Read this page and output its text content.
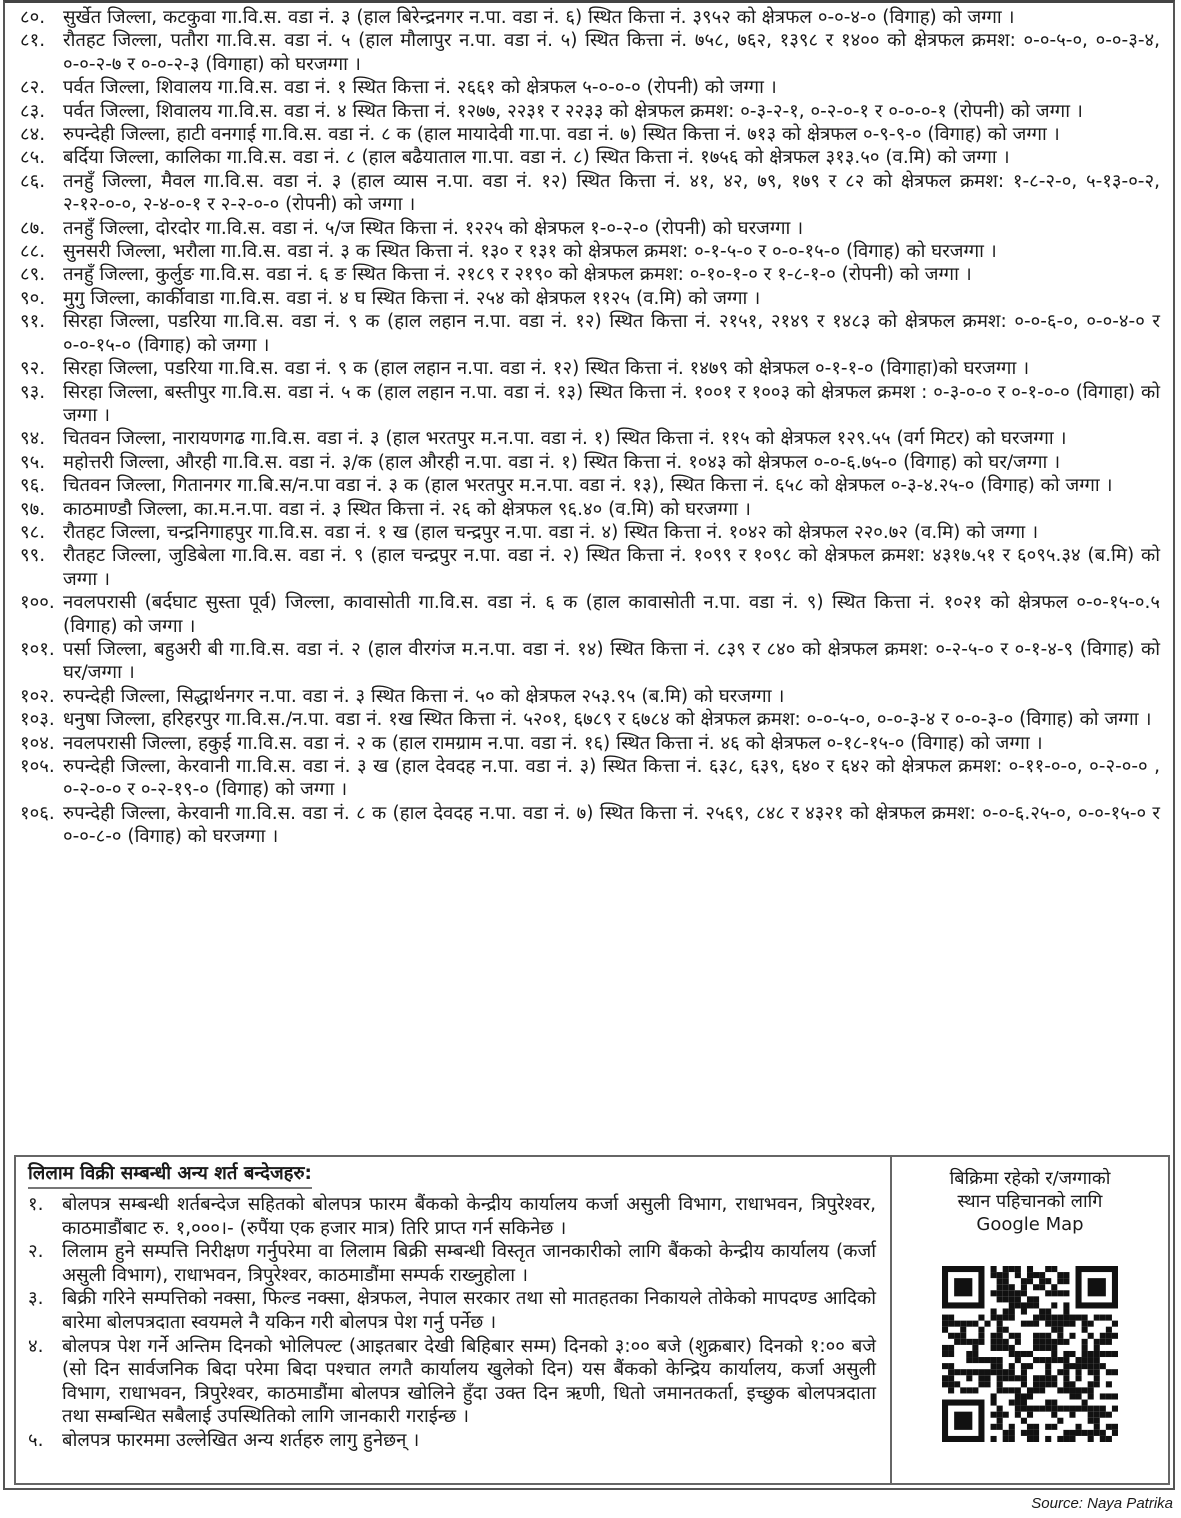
८०. सुर्खेत जिल्ला, कटकुवा गा.वि.स. वडा नं. ३ (हाल बिरेन्द्रनगर न.पा. वडा नं. ६) स्थित कित्ता नं. ३९५२ को क्षेत्रफल ०-०-४-० (विगाह) को जग्गा ।
८१. रौतहट जिल्ला, पतौरा गा.वि.स. वडा नं. ५ (हाल मौलापुर न.पा. वडा नं. ५) स्थित कित्ता नं. ७५८, ७६२, १३९८ र १४०० को क्षेत्रफल क्रमश: ०-०-५-०, ०-०-३-४, ०-०-२-७ र ०-०-२-३ (विगाहा) को घरजग्गा ।
८२. पर्वत जिल्ला, शिवालय गा.वि.स. वडा नं. १ स्थित कित्ता नं. २६६१ को क्षेत्रफल ५-०-०-० (रोपनी) को जग्गा ।
८३. पर्वत जिल्ला, शिवालय गा.वि.स. वडा नं. ४ स्थित कित्ता नं. १२७७, २२३१ र २२३३ को क्षेत्रफल क्रमश: ०-३-२-१, ०-२-०-१ र ०-०-०-१ (रोपनी) को जग्गा ।
८४. रुपन्देही जिल्ला, हाटी वनगाई गा.वि.स. वडा नं. ८ क (हाल मायादेवी गा.पा. वडा नं. ७) स्थित कित्ता नं. ७१३ को क्षेत्रफल ०-९-९-० (विगाह) को जग्गा ।
८५. बर्दिया जिल्ला, कालिका गा.वि.स. वडा नं. ८ (हाल बढैयाताल गा.पा. वडा नं. ८) स्थित कित्ता नं. १७५६ को क्षेत्रफल ३१३.५० (व.मि) को जग्गा ।
८६. तनहुँ जिल्ला, मैवल गा.वि.स. वडा नं. ३ (हाल व्यास न.पा. वडा नं. १२) स्थित कित्ता नं. ४१, ४२, ७९, १७९ र ८२ को क्षेत्रफल क्रमश: १-८-२-०, ५-१३-०-२, २-१२-०-०, २-४-०-१ र २-२-०-० (रोपनी) को जग्गा ।
८७. तनहुँ जिल्ला, दोरदोर गा.वि.स. वडा नं. ५/ज स्थित कित्ता नं. १२२५ को क्षेत्रफल १-०-२-० (रोपनी) को घरजग्गा ।
८८. सुनसरी जिल्ला, भरौला गा.वि.स. वडा नं. ३ क स्थित कित्ता नं. १३० र १३१ को क्षेत्रफल क्रमश: ०-१-५-० र ०-०-१५-० (विगाह) को घरजग्गा ।
८९. तनहुँ जिल्ला, कुर्लुङ गा.वि.स. वडा नं. ६ ङ स्थित कित्ता नं. २१८९ र २१९० को क्षेत्रफल क्रमश: ०-१०-१-० र १-८-१-० (रोपनी) को जग्गा ।
९०. मुगु जिल्ला, कार्कीवाडा गा.वि.स. वडा नं. ४ घ स्थित कित्ता नं. २५४ को क्षेत्रफल ११२५ (व.मि) को जग्गा ।
९१. सिरहा जिल्ला, पडरिया गा.वि.स. वडा नं. ९ क (हाल लहान न.पा. वडा नं. १२) स्थित कित्ता नं. २१५१, २१४९ र १४८३ को क्षेत्रफल क्रमश: ०-०-६-०, ०-०-४-० र ०-०-१५-० (विगाह) को जग्गा ।
९२. सिरहा जिल्ला, पडरिया गा.वि.स. वडा नं. ९ क (हाल लहान न.पा. वडा नं. १२) स्थित कित्ता नं. १४७९ को क्षेत्रफल ०-१-१-० (विगाहा)को घरजग्गा ।
९३. सिरहा जिल्ला, बस्तीपुर गा.वि.स. वडा नं. ५ क (हाल लहान न.पा. वडा नं. १३) स्थित कित्ता नं. १००१ र १००३ को क्षेत्रफल क्रमश : ०-३-०-० र ०-१-०-० (विगाहा) को जग्गा ।
९४. चितवन जिल्ला, नारायणगढ गा.वि.स. वडा नं. ३ (हाल भरतपुर म.न.पा. वडा नं. १) स्थित कित्ता नं. ११५ को क्षेत्रफल १२९.५५ (वर्ग मिटर) को घरजग्गा ।
९५. महोत्तरी जिल्ला, औरही गा.वि.स. वडा नं. ३/क (हाल औरही न.पा. वडा नं. १) स्थित कित्ता नं. १०४३ को क्षेत्रफल ०-०-६.७५-० (विगाह) को घर/जग्गा ।
९६. चितवन जिल्ला, गितानगर गा.बि.स/न.पा वडा नं. ३ क (हाल भरतपुर म.न.पा. वडा नं. १३), स्थित कित्ता नं. ६५८ को क्षेत्रफल ०-३-४.२५-० (विगाह) को जग्गा ।
९७. काठमाण्डौ जिल्ला, का.म.न.पा. वडा नं. ३ स्थित कित्ता नं. २६ को क्षेत्रफल ९६.४० (व.मि) को घरजग्गा ।
९८. रौतहट जिल्ला, चन्द्रनिगाहपुर गा.वि.स. वडा नं. १ ख (हाल चन्द्रपुर न.पा. वडा नं. ४) स्थित कित्ता नं. १०४२ को क्षेत्रफल २२०.७२ (व.मि) को जग्गा ।
९९. रौतहट जिल्ला, जुडिबेला गा.वि.स. वडा नं. ९ (हाल चन्द्रपुर न.पा. वडा नं. २) स्थित कित्ता नं. १०९९ र १०९८ को क्षेत्रफल क्रमश: ४३१७.५१ र ६०९५.३४ (ब.मि) को जग्गा ।
१००. नवलपरासी (बर्दघाट सुस्ता पूर्व) जिल्ला, कावासोती गा.वि.स. वडा नं. ६ क (हाल कावासोती न.पा. वडा नं. ९) स्थित कित्ता नं. १०२१ को क्षेत्रफल ०-०-१५-०.५ (विगाह) को जग्गा ।
१०१. पर्सा जिल्ला, बहुअरी बी गा.वि.स. वडा नं. २ (हाल वीरगंज म.न.पा. वडा नं. १४) स्थित कित्ता नं. ८३९ र ८४० को क्षेत्रफल क्रमश: ०-२-५-० र ०-१-४-९ (विगाह) को घर/जग्गा ।
१०२. रुपन्देही जिल्ला, सिद्धार्थनगर न.पा. वडा नं. ३ स्थित कित्ता नं. ५० को क्षेत्रफल २५३.९५ (ब.मि) को घरजग्गा ।
१०३. धनुषा जिल्ला, हरिहरपुर गा.वि.स./न.पा. वडा नं. १ख स्थित कित्ता नं. ५२०१, ६७८९ र ६७८४ को क्षेत्रफल क्रमश: ०-०-५-०, ०-०-३-४ र ०-०-३-० (विगाह) को जग्गा ।
१०४. नवलपरासी जिल्ला, हकुई गा.वि.स. वडा नं. २ क (हाल रामग्राम न.पा. वडा नं. १६) स्थित कित्ता नं. ४६ को क्षेत्रफल ०-१८-१५-० (विगाह) को जग्गा ।
१०५. रुपन्देही जिल्ला, केरवानी गा.वि.स. वडा नं. ३ ख (हाल देवदह न.पा. वडा नं. ३) स्थित कित्ता नं. ६३८, ६३९, ६४० र ६४२ को क्षेत्रफल क्रमश: ०-११-०-०, ०-२-०-० , ०-२-०-० र ०-२-१९-० (विगाह) को जग्गा ।
१०६. रुपन्देही जिल्ला, केरवानी गा.वि.स. वडा नं. ८ क (हाल देवदह न.पा. वडा नं. ७) स्थित कित्ता नं. २५६९, ८४८ र ४३२१ को क्षेत्रफल क्रमश: ०-०-६.२५-०, ०-०-१५-० र ०-०-८-० (विगाह) को घरजग्गा ।
लिलाम विक्री सम्बन्धी अन्य शर्त बन्देजहरु:
१. बोलपत्र सम्बन्धी शर्तबन्देज सहितको बोलपत्र फारम बैंकको केन्द्रीय कार्यालय कर्जा असुली विभाग, राधाभवन, त्रिपुरेश्वर, काठमाडौंबाट रु. १,०००।- (रुपैंया एक हजार मात्र) तिरि प्राप्त गर्न सकिनेछ ।
२. लिलाम हुने सम्पत्ति निरीक्षण गर्नुपरेमा वा लिलाम बिक्री सम्बन्धी विस्तृत जानकारीको लागि बैंकको केन्द्रीय कार्यालय (कर्जा असुली विभाग), राधाभवन, त्रिपुरेश्वर, काठमाडौंमा सम्पर्क राख्नुहोला ।
३. बिक्री गरिने सम्पत्तिको नक्सा, फिल्ड नक्सा, क्षेत्रफल, नेपाल सरकार तथा सो मातहतका निकायले तोकेको मापदण्ड आदिको बारेमा बोलपत्रदाता स्वयमले नै यकिन गरी बोलपत्र पेश गर्नु पर्नेछ ।
४. बोलपत्र पेश गर्ने अन्तिम दिनको भोलिपल्ट (आइतबार देखी बिहिबार सम्म) दिनको ३:०० बजे (शुक्रबार) दिनको १:०० बजे (सो दिन सार्वजनिक बिदा परेमा बिदा पश्चात लगतै कार्यालय खुलेको दिन) यस बैंकको केन्द्रिय कार्यालय, कर्जा असुली विभाग, राधाभवन, त्रिपुरेश्वर, काठमाडौंमा बोलपत्र खोलिने हुँदा उक्त दिन ऋणी, धितो जमानतकर्ता, इच्छुक बोलपत्रदाता तथा सम्बन्धित सबैलाई उपस्थितिको लागि जानकारी गराईन्छ ।
५. बोलपत्र फारममा उल्लेखित अन्य शर्तहरु लागु हुनेछन् ।
बिक्रिमा रहेको र/जग्गाको
स्थान पहिचानको लागि
Google Map
Source: Naya Patrika
